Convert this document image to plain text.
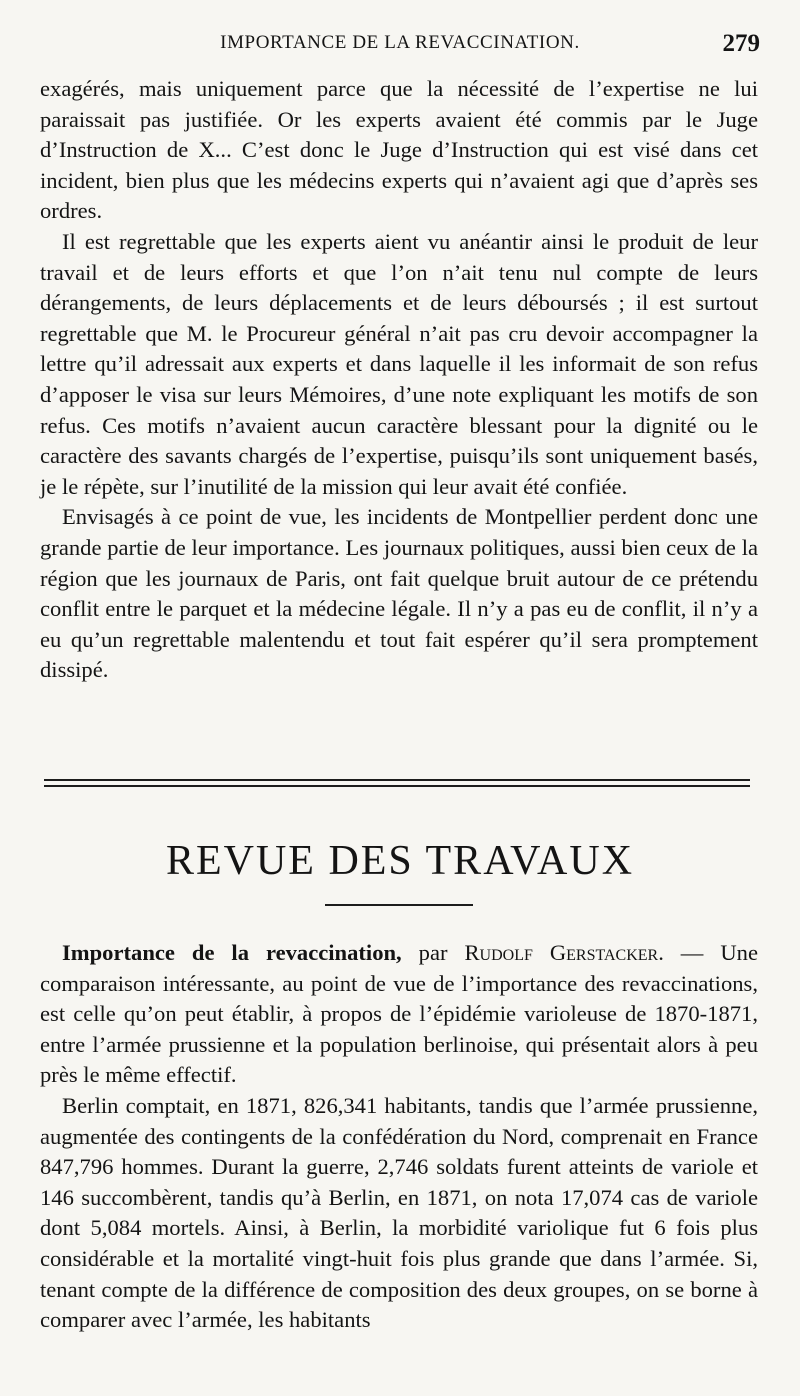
IMPORTANCE DE LA REVACCINATION.	279

exagérés, mais uniquement parce que la nécessité de l’expertise ne lui paraissait pas justifiée. Or les experts avaient été commis par le Juge d’Instruction de X... C’est donc le Juge d’Instruction qui est visé dans cet incident, bien plus que les médecins experts qui n’avaient agi que d’après ses ordres.

Il est regrettable que les experts aient vu anéantir ainsi le produit de leur travail et de leurs efforts et que l’on n’ait tenu nul compte de leurs dérangements, de leurs déplacements et de leurs déboursés ; il est surtout regrettable que M. le Procureur général n’ait pas cru devoir accompagner la lettre qu’il adressait aux experts et dans laquelle il les informait de son refus d’apposer le visa sur leurs Mémoires, d’une note expliquant les motifs de son refus. Ces motifs n’avaient aucun caractère blessant pour la dignité ou le caractère des savants chargés de l’expertise, puisqu’ils sont uniquement basés, je le répète, sur l’inutilité de la mission qui leur avait été confiée.

Envisagés à ce point de vue, les incidents de Montpellier perdent donc une grande partie de leur importance. Les journaux politiques, aussi bien ceux de la région que les journaux de Paris, ont fait quelque bruit autour de ce prétendu conflit entre le parquet et la médecine légale. Il n’y a pas eu de conflit, il n’y a eu qu’un regrettable malentendu et tout fait espérer qu’il sera promptement dissipé.

REVUE DES TRAVAUX

Importance de la revaccination, par Rudolf Gerstacker. — Une comparaison intéressante, au point de vue de l’importance des revaccinations, est celle qu’on peut établir, à propos de l’épidémie varioleuse de 1870-1871, entre l’armée prussienne et la population berlinoise, qui présentait alors à peu près le même effectif.

Berlin comptait, en 1871, 826,341 habitants, tandis que l’armée prussienne, augmentée des contingents de la confédération du Nord, comprenait en France 847,796 hommes. Durant la guerre, 2,746 soldats furent atteints de variole et 146 succombèrent, tandis qu’à Berlin, en 1871, on nota 17,074 cas de variole dont 5,084 mortels. Ainsi, à Berlin, la morbidité variolique fut 6 fois plus considérable et la mortalité vingt-huit fois plus grande que dans l’armée. Si, tenant compte de la différence de composition des deux groupes, on se borne à comparer avec l’armée, les habitants
